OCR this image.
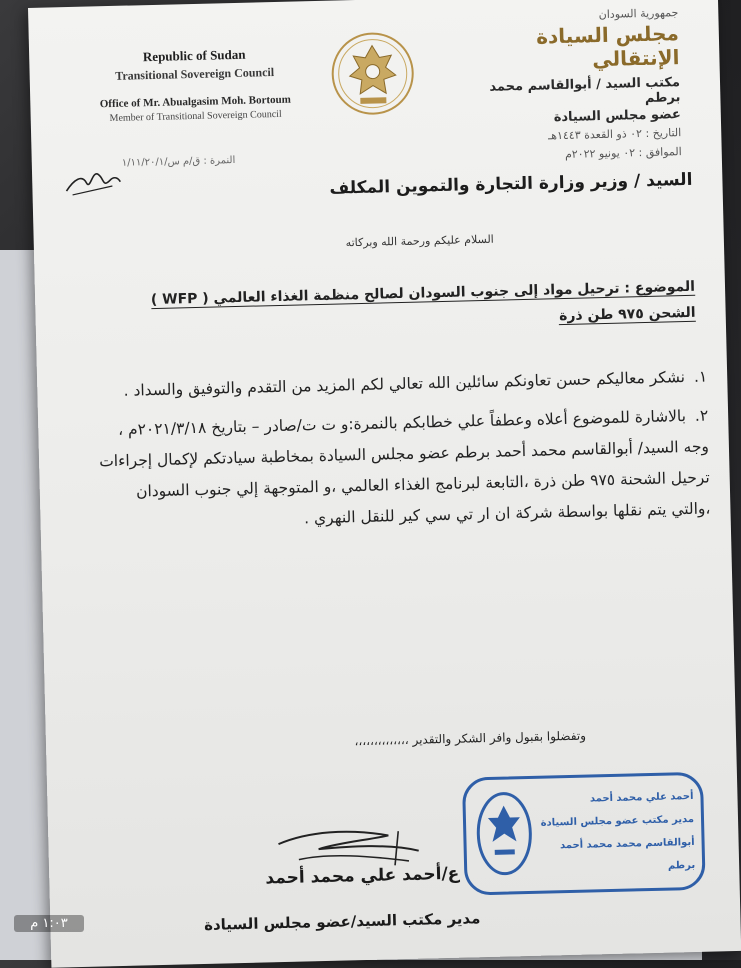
Republic of Sudan
Transitional Sovereign Council
Office of Mr. Abualgasim Moh. Bortoum
Member of Transitional Sovereign Council
جمهورية السودان
مجلس السيادة الإنتقالي
مكتب السيد / أبوالقاسم محمد برطم
عضو مجلس السيادة
التاريخ : ٠٢ ذو القعدة ١٤٤٣هـ
الموافق : ٠٢ يونيو ٢٠٢٢م
النمرة : ق/م س/١/١١/٢٠/١
السيد / وزير وزارة التجارة والتموين المكلف
السلام عليكم ورحمة الله وبركاته
الموضوع : ترحيل مواد إلى جنوب السودان لصالح منظمة الغذاء العالمي ( WFP )
الشحن ٩٧٥ طن ذرة
١. نشكر معاليكم حسن تعاونكم سائلين الله تعالي لكم المزيد من التقدم والتوفيق والسداد .
٢. بالاشارة للموضوع أعلاه وعطفاً علي خطابكم بالنمرة:و ت ت/صادر – بتاريخ ٢٠٢١/٣/١٨م ، وجه السيد/ أبوالقاسم محمد أحمد برطم عضو مجلس السيادة بمخاطبة سيادتكم لإكمال إجراءات ترحيل الشحنة ٩٧٥ طن ذرة ،التابعة لبرنامج الغذاء العالمي ،و المتوجهة إلي جنوب السودان ،والتي يتم نقلها بواسطة شركة ان ار تي سي كير للنقل النهري .
وتفضلوا بقبول وافر الشكر والتقدير ،،،،،،،،،،،،،،
أحمد علي محمد أحمد
مدير مكتب عضو مجلس السيادة
أبوالقاسم محمد محمد أحمد برطم
ع/أحمد علي محمد أحمد
مدير مكتب السيد/عضو مجلس السيادة
١:٠٣ م
